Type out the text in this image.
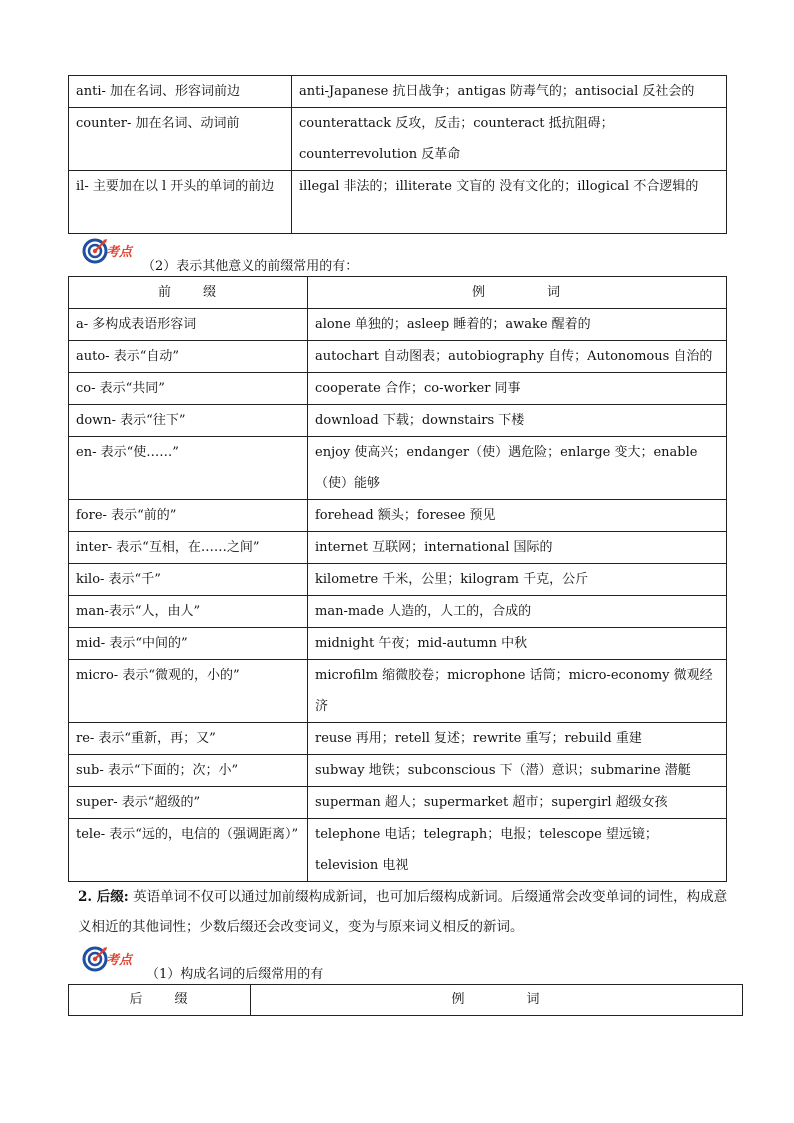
anti- 加在名词、形容词前边	anti-Japanese 抗日战争；antigas 防毒气的；antisocial 反社会的
counter- 加在名词、动词前	counterattack 反攻，反击；counteract 抵抗阻碍；counterrevolution 反革命
il- 主要加在以 l 开头的单词的前边	illegal 非法的；illiterate 文盲的 没有文化的；illogical 不合逻辑的
考点
（2）表示其他意义的前缀常用的有：
前　　缀	例　　　　词
a- 多构成表语形容词	alone 单独的；asleep 睡着的；awake 醒着的
auto- 表示“自动”	autochart 自动图表；autobiography 自传；Autonomous 自治的
co- 表示“共同”	cooperate 合作；co-worker 同事
down- 表示“往下”	download 下载；downstairs 下楼
en- 表示“使……”	enjoy 使高兴；endanger（使）遇危险；enlarge 变大；enable（使）能够
fore- 表示“前的”	forehead 额头；foresee 预见
inter- 表示“互相，在……之间”	internet 互联网；international 国际的
kilo- 表示“千”	kilometre 千米，公里；kilogram 千克，公斤
man-表示“人，由人”	man-made 人造的，人工的，合成的
mid- 表示“中间的”	midnight 午夜；mid-autumn 中秋
micro- 表示“微观的，小的”	microfilm 缩微胶卷；microphone 话筒；micro-economy 微观经济
re- 表示“重新，再；又”	reuse 再用；retell 复述；rewrite 重写；rebuild 重建
sub- 表示“下面的；次；小”	subway 地铁；subconscious 下（潜）意识；submarine 潜艇
super- 表示“超级的”	superman 超人；supermarket 超市；supergirl 超级女孩
tele- 表示“远的，电信的（强调距离）”	telephone 电话；telegraph；电报；telescope 望远镜；television 电视
2. 后缀: 英语单词不仅可以通过加前缀构成新词，也可加后缀构成新词。后缀通常会改变单词的词性，构成意义相近的其他词性；少数后缀还会改变词义，变为与原来词义相反的新词。
考点
（1）构成名词的后缀常用的有
后　　缀	例　　　　词
